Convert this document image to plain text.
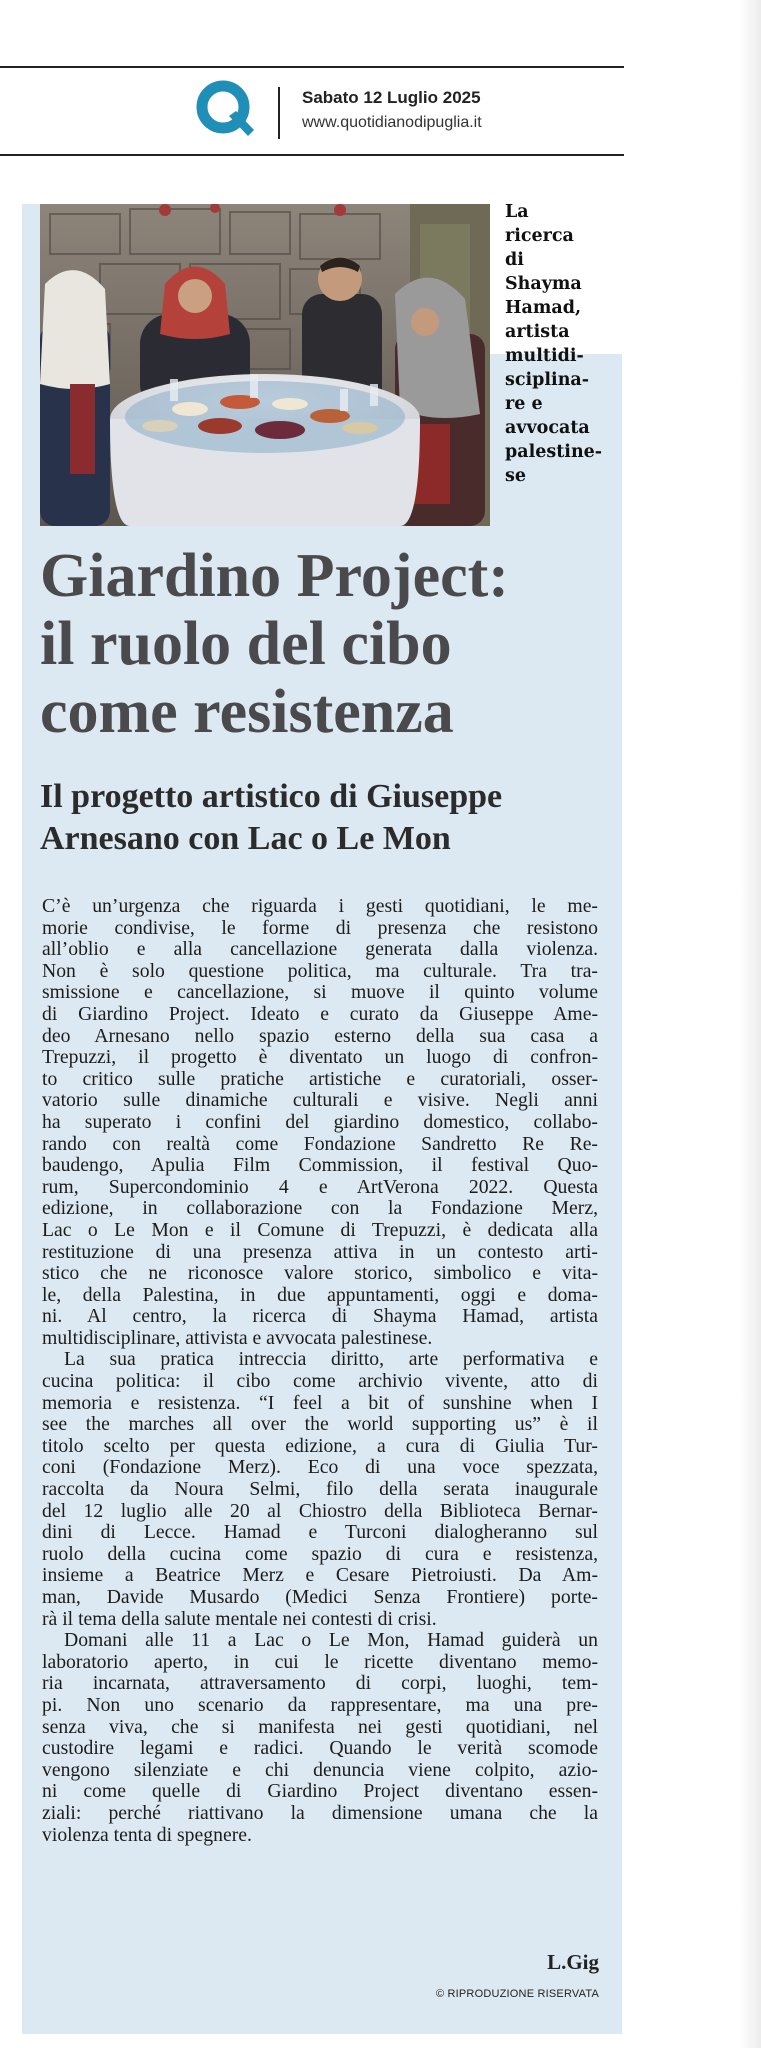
Sabato 12 Luglio 2025
www.quotidianodipuglia.it
La
ricerca
di
Shayma
Hamad,
artista
multidi-
sciplina-
re e
avvocata
palestine-
se
Giardino Project:
il ruolo del cibo
come resistenza
Il progetto artistico di Giuseppe
Arnesano con Lac o Le Mon
C’è un’urgenza che riguarda i gesti quotidiani, le me-
morie condivise, le forme di presenza che resistono
all’oblio e alla cancellazione generata dalla violenza.
Non è solo questione politica, ma culturale. Tra tra-
smissione e cancellazione, si muove il quinto volume
di Giardino Project. Ideato e curato da Giuseppe Ame-
deo Arnesano nello spazio esterno della sua casa a
Trepuzzi, il progetto è diventato un luogo di confron-
to critico sulle pratiche artistiche e curatoriali, osser-
vatorio sulle dinamiche culturali e visive. Negli anni
ha superato i confini del giardino domestico, collabo-
rando con realtà come Fondazione Sandretto Re Re-
baudengo, Apulia Film Commission, il festival Quo-
rum, Supercondominio 4 e ArtVerona 2022. Questa
edizione, in collaborazione con la Fondazione Merz,
Lac o Le Mon e il Comune di Trepuzzi, è dedicata alla
restituzione di una presenza attiva in un contesto arti-
stico che ne riconosce valore storico, simbolico e vita-
le, della Palestina, in due appuntamenti, oggi e doma-
ni. Al centro, la ricerca di Shayma Hamad, artista
multidisciplinare, attivista e avvocata palestinese.
La sua pratica intreccia diritto, arte performativa e
cucina politica: il cibo come archivio vivente, atto di
memoria e resistenza. “I feel a bit of sunshine when I
see the marches all over the world supporting us” è il
titolo scelto per questa edizione, a cura di Giulia Tur-
coni (Fondazione Merz). Eco di una voce spezzata,
raccolta da Noura Selmi, filo della serata inaugurale
del 12 luglio alle 20 al Chiostro della Biblioteca Bernar-
dini di Lecce. Hamad e Turconi dialogheranno sul
ruolo della cucina come spazio di cura e resistenza,
insieme a Beatrice Merz e Cesare Pietroiusti. Da Am-
man, Davide Musardo (Medici Senza Frontiere) porte-
rà il tema della salute mentale nei contesti di crisi.
Domani alle 11 a Lac o Le Mon, Hamad guiderà un
laboratorio aperto, in cui le ricette diventano memo-
ria incarnata, attraversamento di corpi, luoghi, tem-
pi. Non uno scenario da rappresentare, ma una pre-
senza viva, che si manifesta nei gesti quotidiani, nel
custodire legami e radici. Quando le verità scomode
vengono silenziate e chi denuncia viene colpito, azio-
ni come quelle di Giardino Project diventano essen-
ziali: perché riattivano la dimensione umana che la
violenza tenta di spegnere.
L.Gig
© RIPRODUZIONE RISERVATA
